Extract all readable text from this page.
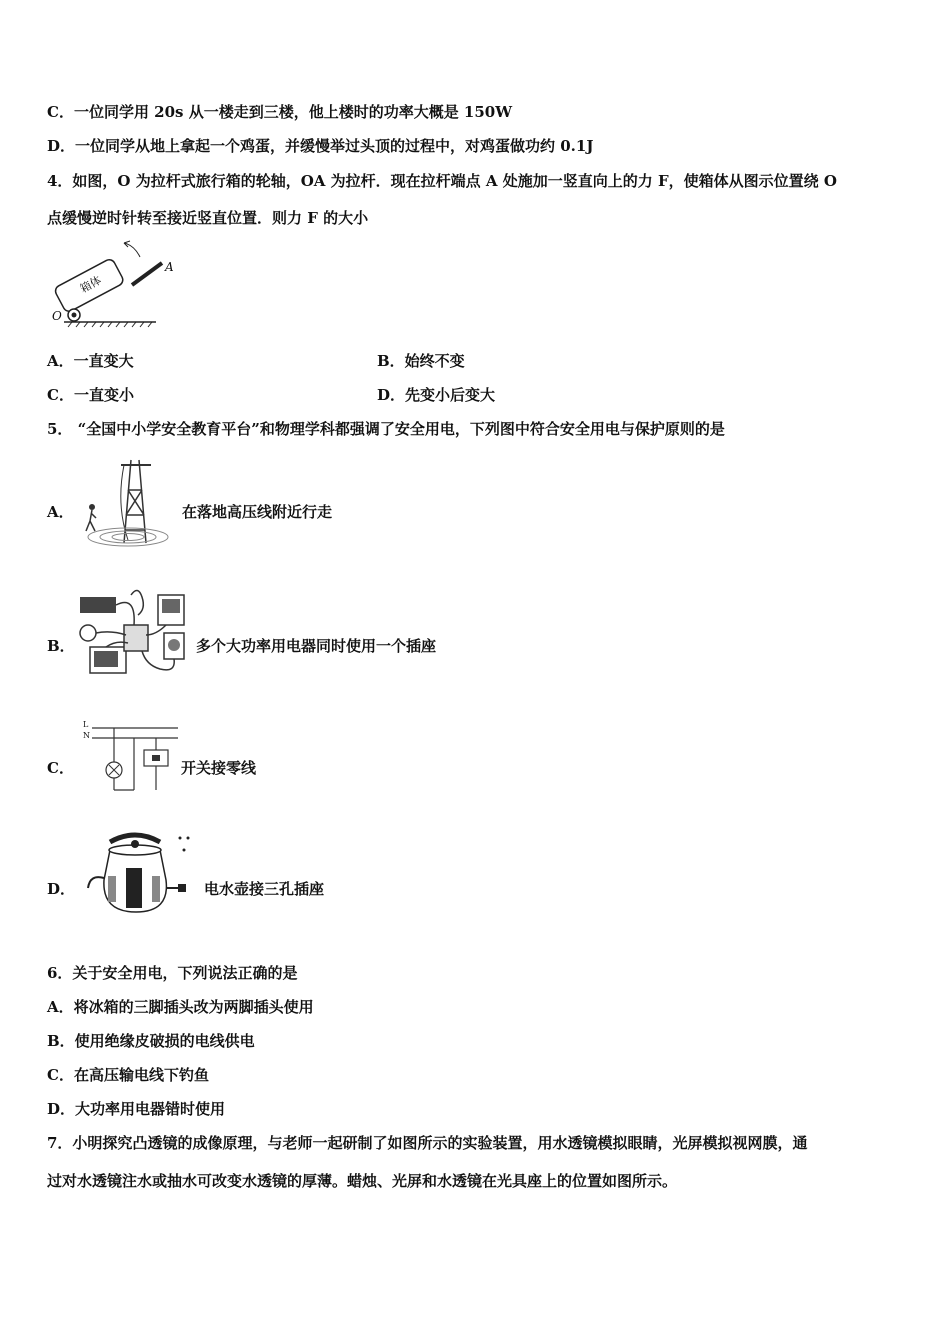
C．一位同学用 20s 从一楼走到三楼，他上楼时的功率大概是 150W
D．一位同学从地上拿起一个鸡蛋，并缓慢举过头顶的过程中，对鸡蛋做功约 0.1J
4．如图，O 为拉杆式旅行箱的轮轴，OA 为拉杆．现在拉杆端点 A 处施加一竖直向上的力 F，使箱体从图示位置绕 O
点缓慢逆时针转至接近竖直位置．则力 F 的大小
箱体
A
O
A．一直变大	B．始终不变
C．一直变小	D．先变小后变大
5． “全国中小学安全教育平台”和物理学科都强调了安全用电，下列图中符合安全用电与保护原则的是
A．	在落地高压线附近行走
B．	多个大功率用电器同时使用一个插座
C．
L
N
开关接零线
D．	电水壶接三孔插座
6．关于安全用电，下列说法正确的是
A．将冰箱的三脚插头改为两脚插头使用
B．使用绝缘皮破损的电线供电
C．在高压输电线下钓鱼
D．大功率用电器错时使用
7．小明探究凸透镜的成像原理，与老师一起研制了如图所示的实验装置，用水透镜模拟眼睛，光屏模拟视网膜，通
过对水透镜注水或抽水可改变水透镜的厚薄。蜡烛、光屏和水透镜在光具座上的位置如图所示。
